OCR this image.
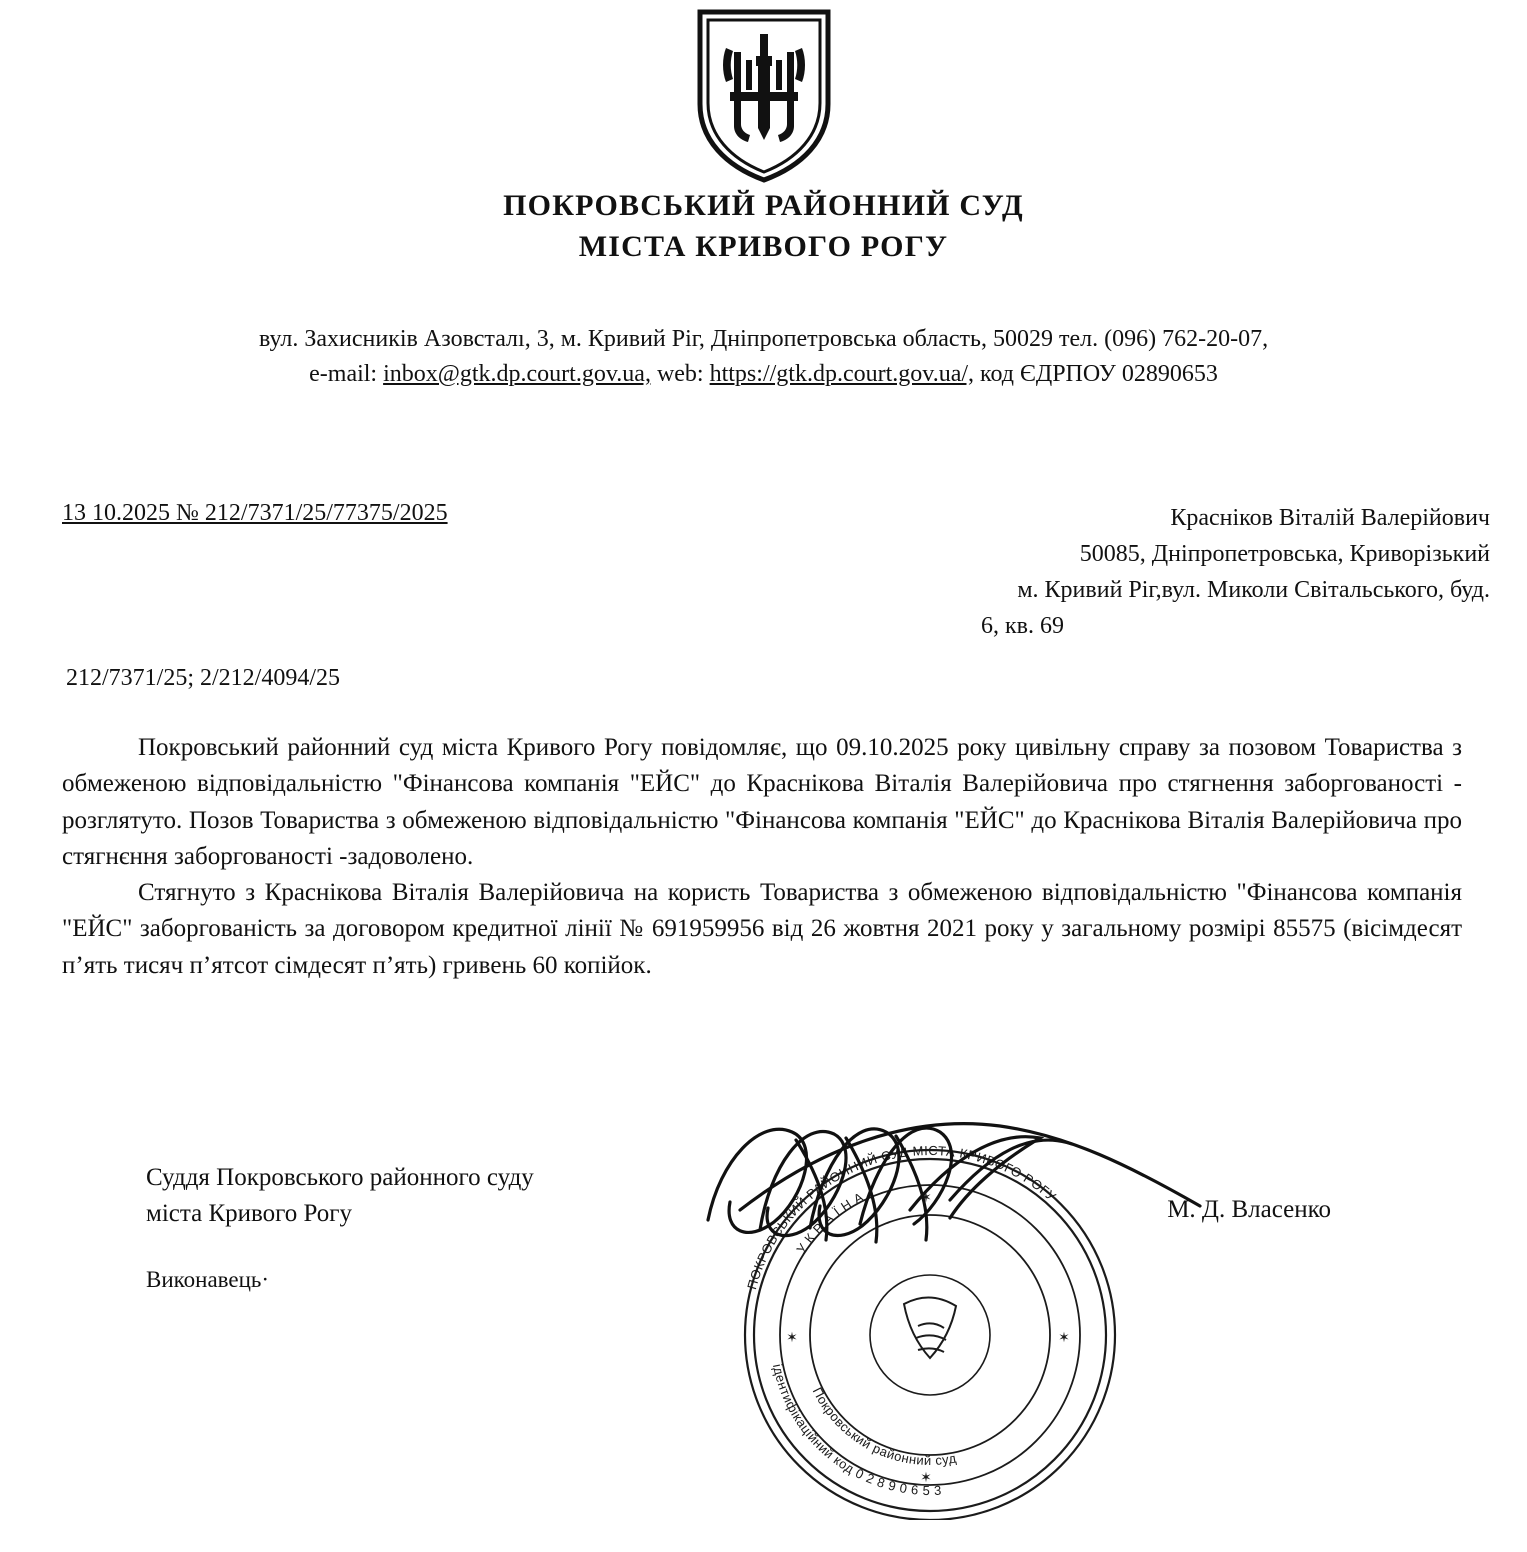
ПОКРОВСЬКИЙ РАЙОННИЙ СУД
МІСТА КРИВОГО РОГУ
вул. Захисників Азовсталı, 3, м. Кривий Ріг, Дніпропетровська область, 50029 тел. (096) 762-20-07,
e-mail: inbox@gtk.dp.court.gov.ua, web: https://gtk.dp.court.gov.ua/, код ЄДРПОУ 02890653
13 10.2025 № 212/7371/25/77375/2025	Красніков Віталій Валерійович
50085, Дніпропетровська, Криворізький
м. Кривий Ріг,вул. Миколи Світальського, буд.
6, кв. 69
212/7371/25; 2/212/4094/25

Покровський районний суд міста Кривого Рогу повідомляє, що 09.10.2025 року цивільну справу за позовом Товариства з обмеженою відповідальністю "Фінансова компанія "ЕЙС" до Краснікова Віталія Валерійовича про стягнення заборгованості - розглятуто. Позов Товариства з обмеженою відповідальністю "Фінансова компанія "ЕЙС" до Краснікова Віталія Валерійовича про стягнєння заборгованості -задоволено.

Стягнуто з Краснікова Віталія Валерійовича на користь Товариства з обмеженою відповідальністю "Фінансова компанія "ЕЙС" заборгованість за договором кредитної лінії № 691959956 від 26 жовтня 2021 року у загальному розмірі 85575 (вісімдесят п’ять тисяч п’ятсот сімдесят п’ять) гривень 60 копійок.

Суддя Покровського районного суду
міста Кривого Рогу	М. Д. Власенко
Виконавець·
✶
✶
✶	✶
ПОКРОВСЬКИЙ РАЙОННИЙ СУД МІСТА КРИВОГО РОГУ
ідентифікаційний код 0 2 8 9 0 6 5 3
У К Р А Ї Н А
Покровський районний суд
